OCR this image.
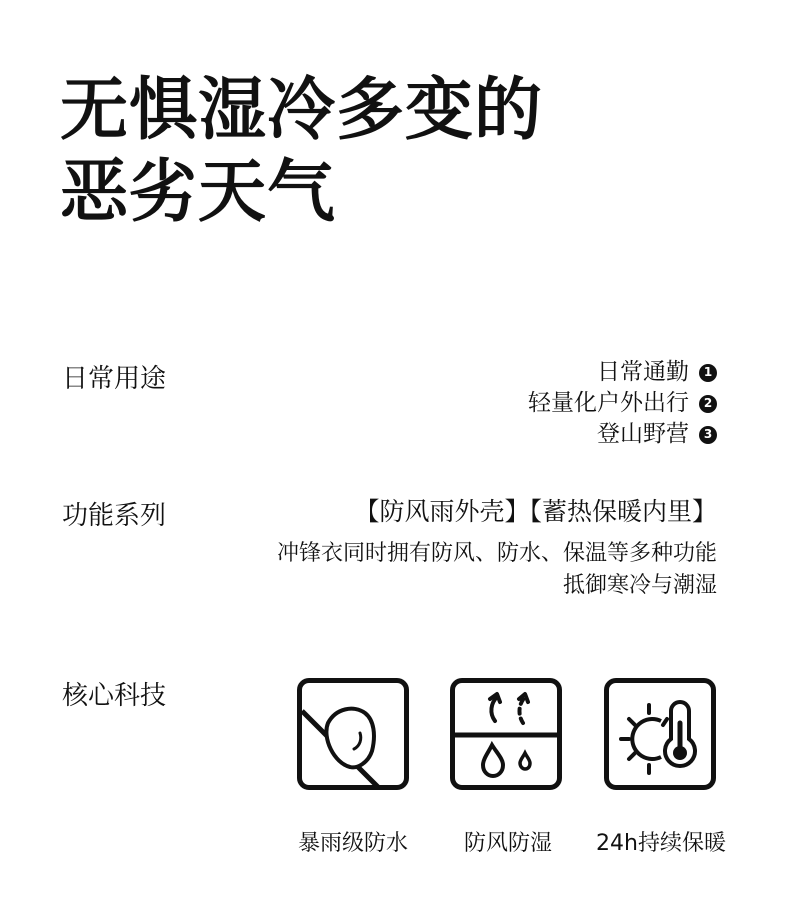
无惧湿冷多变的
恶劣天气
日常用途	日常通勤	1
轻量化户外出行	2
登山野营	3
功能系列	【防风雨外壳】【蓄热保暖内里】
冲锋衣同时拥有防风、防水、保温等多种功能
抵御寒冷与潮湿
核心科技
暴雨级防水	防风防湿	24h持续保暖
